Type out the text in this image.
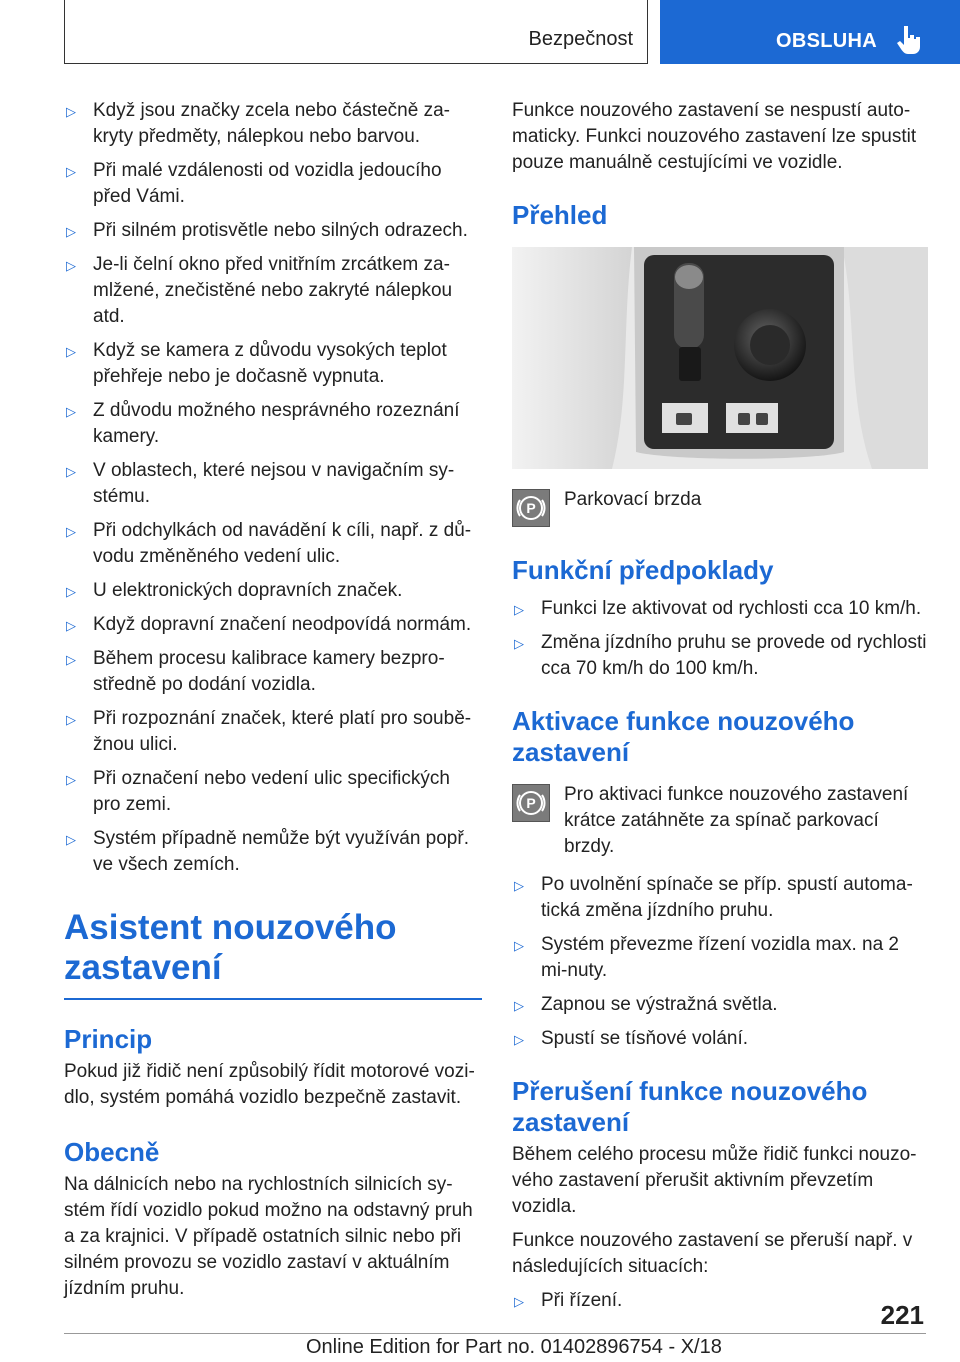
Bezpečnost	OBSLUHA
▷ Když jsou značky zcela nebo částečně za-kryty předměty, nálepkou nebo barvou.
▷ Při malé vzdálenosti od vozidla jedoucího před Vámi.
▷ Při silném protisvětle nebo silných odrazech.
▷ Je-li čelní okno před vnitřním zrcátkem za-mlžené, znečistěné nebo zakryté nálepkou atd.
▷ Když se kamera z důvodu vysokých teplot přehřeje nebo je dočasně vypnuta.
▷ Z důvodu možného nesprávného rozeznání kamery.
▷ V oblastech, které nejsou v navigačním sy-stému.
▷ Při odchylkách od navádění k cíli, např. z dů-vodu změněného vedení ulic.
▷ U elektronických dopravních značek.
▷ Když dopravní značení neodpovídá normám.
▷ Během procesu kalibrace kamery bezpro-středně po dodání vozidla.
▷ Při rozpoznání značek, které platí pro soubě-žnou ulici.
▷ Při označení nebo vedení ulic specifických pro zemi.
▷ Systém případně nemůže být využíván popř. ve všech zemích.
Asistent nouzového zastavení
Princip

Pokud již řidič není způsobilý řídit motorové vozi-dlo, systém pomáhá vozidlo bezpečně zastavit.

Obecně

Na dálnicích nebo na rychlostních silnicích sy-stém řídí vozidlo pokud možno na odstavný pruh a za krajnici. V případě ostatních silnic nebo při silném provozu se vozidlo zastaví v aktuálním jízdním pruhu.

Funkce nouzového zastavení se nespustí auto-maticky. Funkci nouzového zastavení lze spustit pouze manuálně cestujícími ve vozidle.

Přehled
P Parkovací brzda

Funkční předpoklady
▷ Funkci lze aktivovat od rychlosti cca 10 km/h.
▷ Změna jízdního pruhu se provede od rychlosti cca 70 km/h do 100 km/h.
Aktivace funkce nouzového zastavení
P Pro aktivaci funkce nouzového zastavení krátce zatáhněte za spínač parkovací brzdy.

▷ Po uvolnění spínače se příp. spustí automa-tická změna jízdního pruhu.
▷ Systém převezme řízení vozidla max. na 2 mi-nuty.
▷ Zapnou se výstražná světla.
▷ Spustí se tísňové volání.
Přerušení funkce nouzového zastavení

Během celého procesu může řidič funkci nouzo-vého zastavení přerušit aktivním převzetím vozidla.

Funkce nouzového zastavení se přeruší např. v následujících situacích:

▷ Při řízení.	221
Online Edition for Part no. 01402896754 - X/18
